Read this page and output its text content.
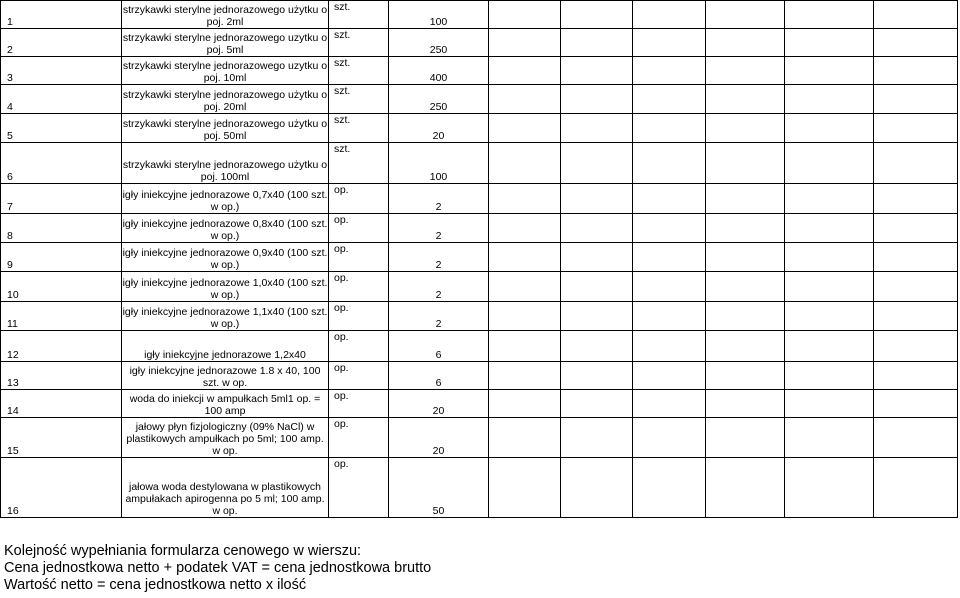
1	strzykawki sterylne jednorazowego użytku o poj. 2ml	szt.	100						
2	strzykawki sterylne jednorazowego uzytku o poj. 5ml	szt.	250						
3	strzykawki sterylne jednorazowego uzytku o poj. 10ml	szt.	400						
4	strzykawki sterylne jednorazowego użytku o poj. 20ml	szt.	250						
5	strzykawki sterylne jednorazowego użytku o poj. 50ml	szt.	20						
6	strzykawki sterylne jednorazowego użytku o poj. 100ml	szt.	100						
7	igły iniekcyjne jednorazowe 0,7x40 (100 szt. w op.)	op.	2						
8	igły iniekcyjne jednorazowe 0,8x40 (100 szt. w op.)	op.	2						
9	igły iniekcyjne jednorazowe 0,9x40 (100 szt. w op.)	op.	2						
10	igły iniekcyjne jednorazowe 1,0x40 (100 szt. w op.)	op.	2						
11	igły iniekcyjne jednorazowe 1,1x40 (100 szt. w op.)	op.	2						
12	igły iniekcyjne jednorazowe 1,2x40	op.	6						
13	igły iniekcyjne jednorazowe 1.8 x 40, 100 szt. w op.	op.	6						
14	woda do iniekcji w ampułkach 5ml1 op. = 100 amp	op.	20						
15	jałowy płyn fizjologiczny (09% NaCl) w plastikowych ampułkach po 5ml; 100 amp. w op.	op.	20						
16	jałowa woda destylowana w plastikowych ampułakach apirogenna po 5 ml; 100 amp. w op.	op.	50						
Kolejność wypełniania formularza cenowego w wierszu:
Cena jednostkowa netto + podatek VAT = cena jednostkowa brutto
Wartość netto = cena jednostkowa netto x ilość
